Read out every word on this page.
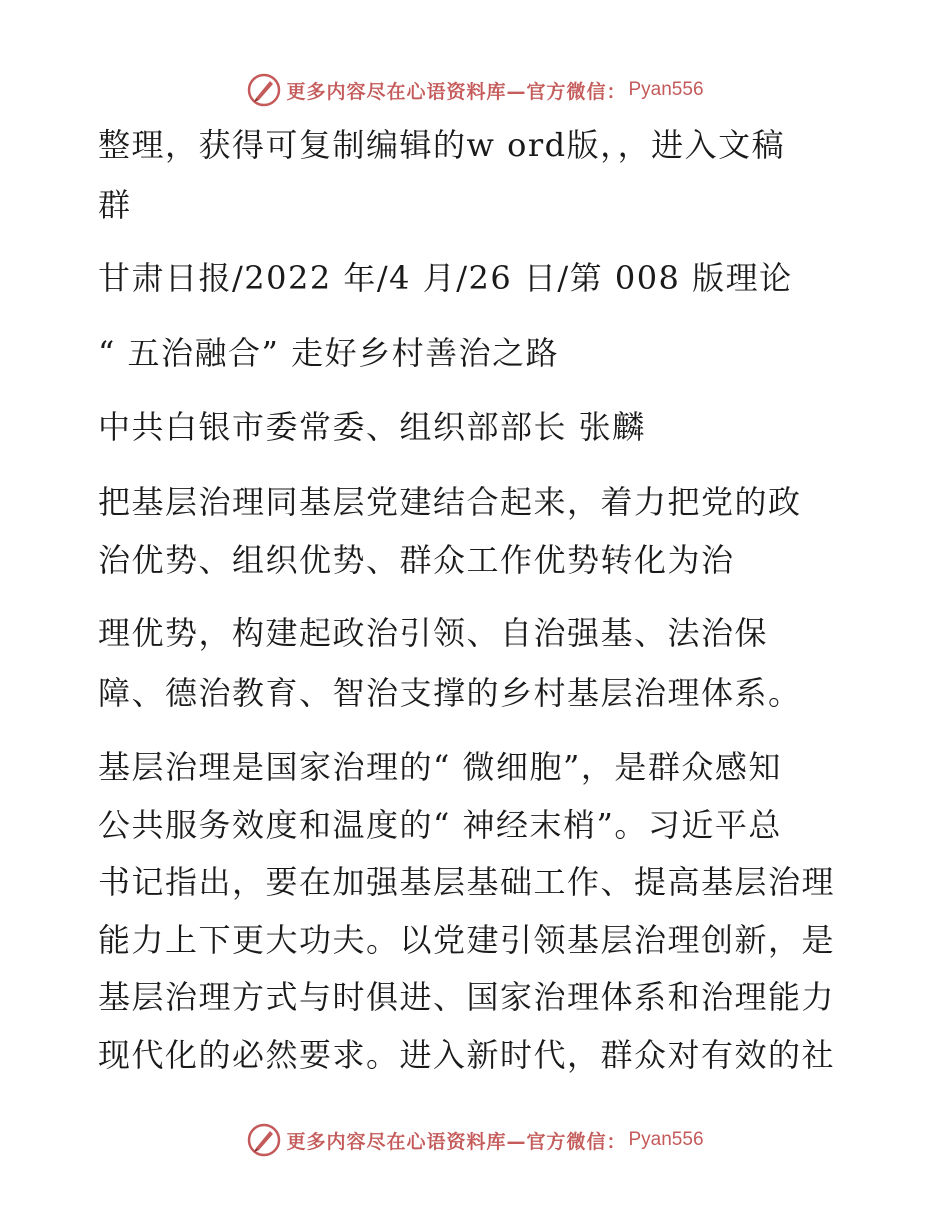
更多内容尽在心语资料库—官方微信： Pyan556
整理，获得可复制编辑的w ord版，，进入文稿
群
甘肃日报/2022 年/4 月/26 日/第 008 版理论
“ 五治融合” 走好乡村善治之路
中共白银市委常委、组织部部长 张麟
把基层治理同基层党建结合起来，着力把党的政
治优势、组织优势、群众工作优势转化为治
理优势，构建起政治引领、自治强基、法治保
障、德治教育、智治支撑的乡村基层治理体系。
基层治理是国家治理的“ 微细胞”，是群众感知
公共服务效度和温度的“ 神经末梢”。习近平总
书记指出，要在加强基层基础工作、提高基层治理
能力上下更大功夫。以党建引领基层治理创新，是
基层治理方式与时俱进、国家治理体系和治理能力
现代化的必然要求。进入新时代，群众对有效的社
更多内容尽在心语资料库—官方微信： Pyan556
